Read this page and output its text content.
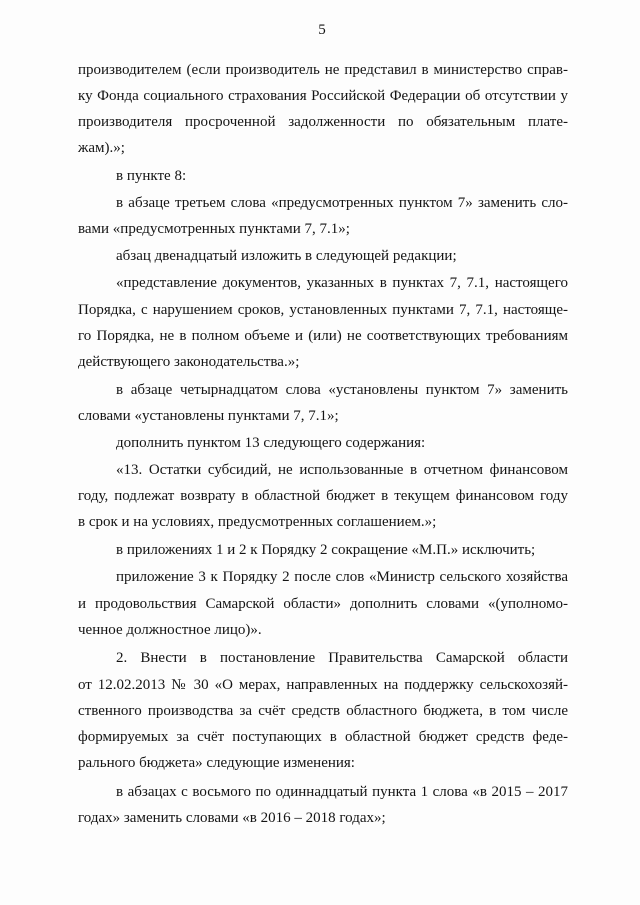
5
производителем (если производитель не представил в министерство справ-
ку Фонда социального страхования Российской Федерации об отсутствии у
производителя просроченной задолженности по обязательным плате-
жам).»;
в пункте 8:
в абзаце третьем слова «предусмотренных пунктом 7» заменить сло-
вами «предусмотренных пунктами 7, 7.1»;
абзац двенадцатый изложить в следующей редакции;
«представление документов, указанных в пунктах 7, 7.1, настоящего
Порядка, с нарушением сроков, установленных пунктами 7, 7.1, настояще-
го Порядка, не в полном объеме и (или) не соответствующих требованиям
действующего законодательства.»;
в абзаце четырнадцатом слова «установлены пунктом 7» заменить
словами «установлены пунктами 7, 7.1»;
дополнить пунктом 13 следующего содержания:
«13. Остатки субсидий, не использованные в отчетном финансовом
году, подлежат возврату в областной бюджет в текущем финансовом году
в срок и на условиях, предусмотренных соглашением.»;
в приложениях 1 и 2 к Порядку 2 сокращение «М.П.» исключить;
приложение 3 к Порядку 2 после слов «Министр сельского хозяйства
и продовольствия Самарской области» дополнить словами «(уполномо-
ченное должностное лицо)».
2. Внести в постановление Правительства Самарской области
от 12.02.2013 № 30 «О мерах, направленных на поддержку сельскохозяй-
ственного производства за счёт средств областного бюджета, в том числе
формируемых за счёт поступающих в областной бюджет средств феде-
рального бюджета» следующие изменения:
в абзацах с восьмого по одиннадцатый пункта 1 слова «в 2015 – 2017
годах» заменить словами «в 2016 – 2018 годах»;
